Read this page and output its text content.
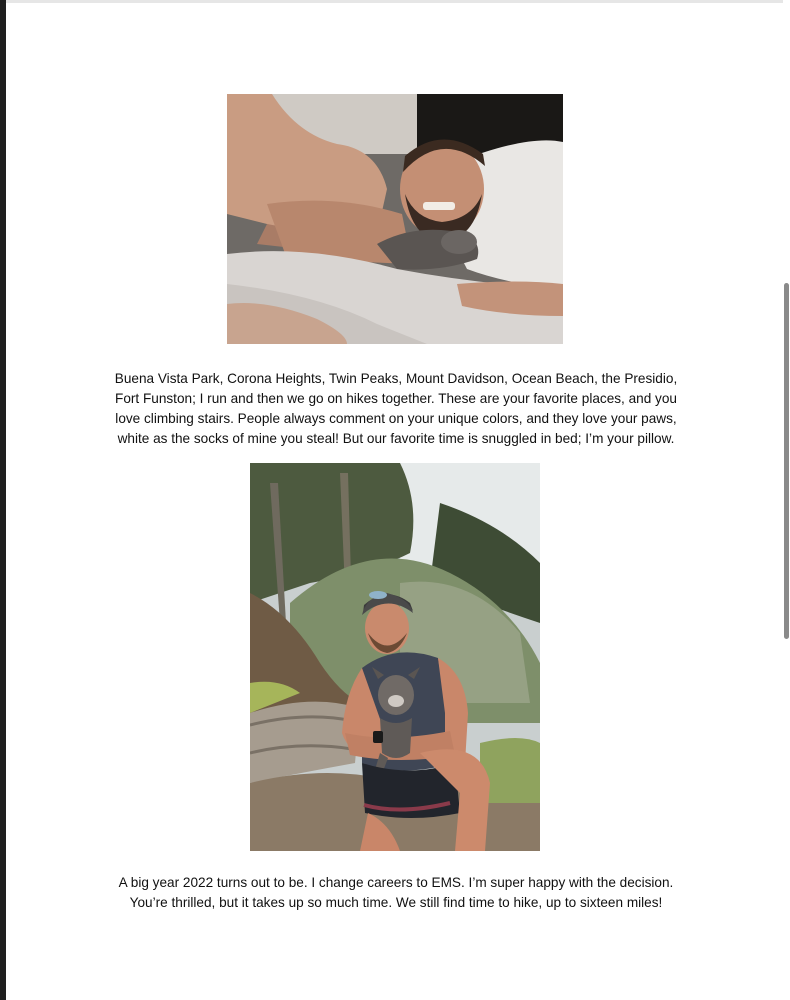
Buena Vista Park, Corona Heights, Twin Peaks, Mount Davidson, Ocean Beach, the Presidio,
Fort Funston; I run and then we go on hikes together. These are your favorite places, and you
love climbing stairs. People always comment on your unique colors, and they love your paws,
white as the socks of mine you steal! But our favorite time is snuggled in bed; I’m your pillow.

A big year 2022 turns out to be. I change careers to EMS. I’m super happy with the decision.
You’re thrilled, but it takes up so much time. We still find time to hike, up to sixteen miles!
